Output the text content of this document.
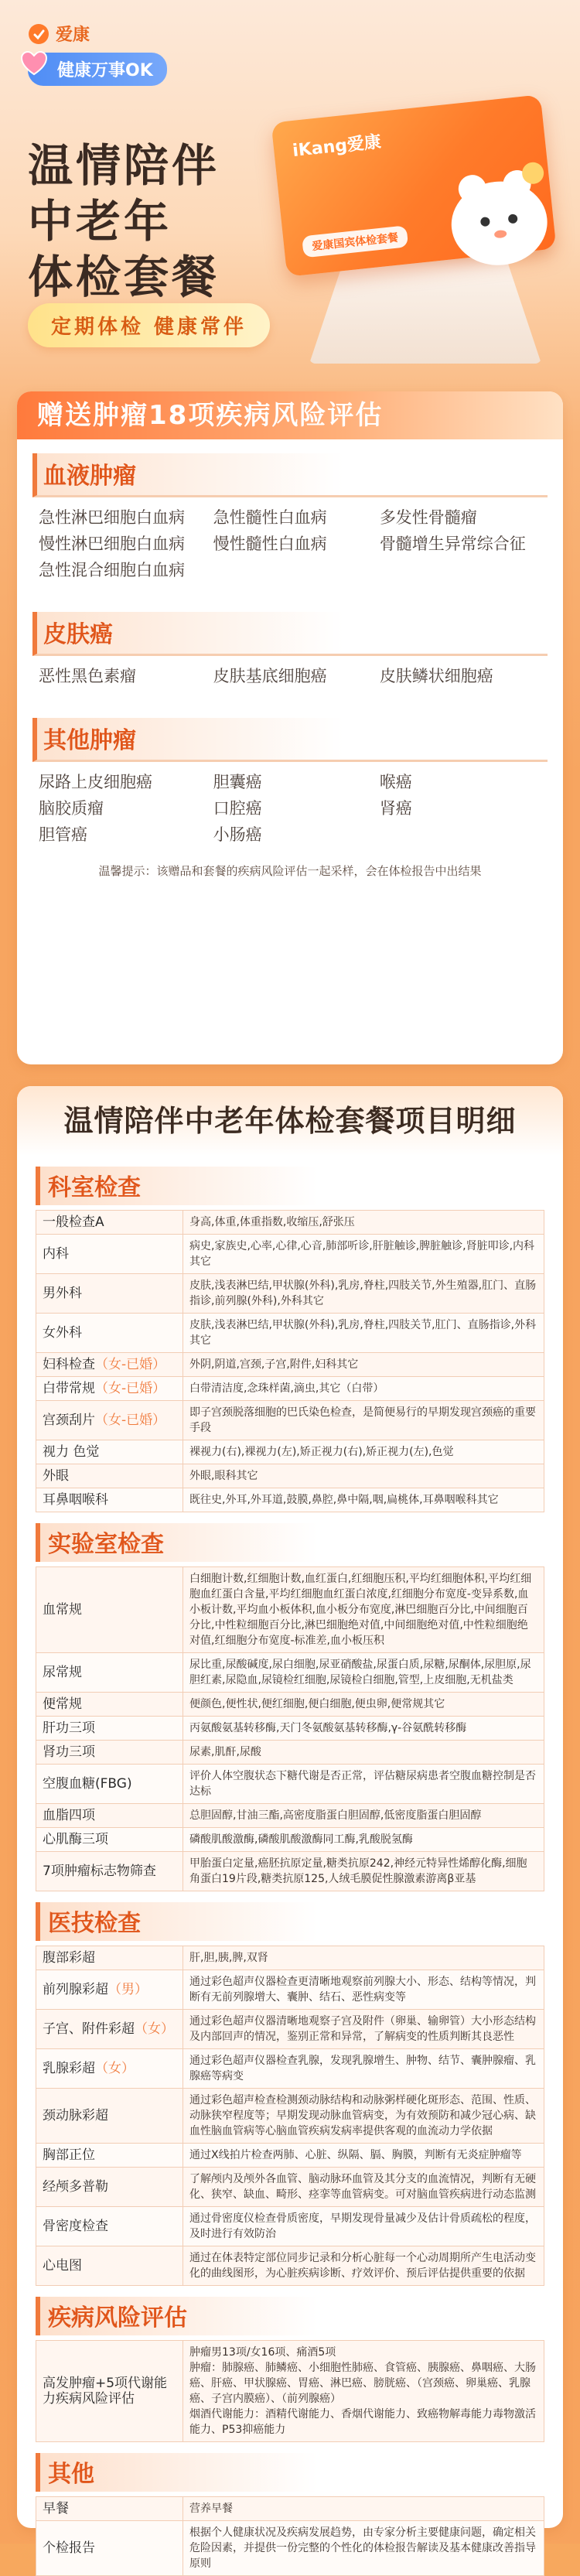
爱康
健康万事OK
温情陪伴
中老年
体检套餐
定期体检 健康常伴
iKang爱康
爱康国宾体检套餐
赠送肿瘤18项疾病风险评估
血液肿瘤
急性淋巴细胞白血病	急性髓性白血病	多发性骨髓瘤
慢性淋巴细胞白血病	慢性髓性白血病	骨髓增生异常综合征
急性混合细胞白血病
皮肤癌
恶性黑色素瘤	皮肤基底细胞癌	皮肤鳞状细胞癌
其他肿瘤
尿路上皮细胞癌	胆囊癌	喉癌
脑胶质瘤	口腔癌	肾癌
胆管癌	小肠癌
温馨提示：该赠品和套餐的疾病风险评估一起采样，会在体检报告中出结果
温情陪伴中老年体检套餐项目明细
科室检查
一般检查A	身高,体重,体重指数,收缩压,舒张压
内科	病史,家族史,心率,心律,心音,肺部听诊,肝脏触诊,脾脏触诊,肾脏叩诊,内科其它
男外科	皮肤,浅表淋巴结,甲状腺(外科),乳房,脊柱,四肢关节,外生殖器,肛门、直肠指诊,前列腺(外科),外科其它
女外科	皮肤,浅表淋巴结,甲状腺(外科),乳房,脊柱,四肢关节,肛门、直肠指诊,外科其它
妇科检查（女-已婚）	外阴,阴道,宫颈,子宫,附件,妇科其它
白带常规（女-已婚）	白带清洁度,念珠样菌,滴虫,其它（白带）
宫颈刮片（女-已婚）	即子宫颈脱落细胞的巴氏染色检查，是简便易行的早期发现宫颈癌的重要手段
视力 色觉	裸视力(右),裸视力(左),矫正视力(右),矫正视力(左),色觉
外眼	外眼,眼科其它
耳鼻咽喉科	既往史,外耳,外耳道,鼓膜,鼻腔,鼻中隔,咽,扁桃体,耳鼻咽喉科其它
实验室检查
血常规	白细胞计数,红细胞计数,血红蛋白,红细胞压积,平均红细胞体积,平均红细胞血红蛋白含量,平均红细胞血红蛋白浓度,红细胞分布宽度-变异系数,血小板计数,平均血小板体积,血小板分布宽度,淋巴细胞百分比,中间细胞百分比,中性粒细胞百分比,淋巴细胞绝对值,中间细胞绝对值,中性粒细胞绝对值,红细胞分布宽度-标准差,血小板压积
尿常规	尿比重,尿酸碱度,尿白细胞,尿亚硝酸盐,尿蛋白质,尿糖,尿酮体,尿胆原,尿胆红素,尿隐血,尿镜检红细胞,尿镜检白细胞,管型,上皮细胞,无机盐类
便常规	便颜色,便性状,便红细胞,便白细胞,便虫卵,便常规其它
肝功三项	丙氨酸氨基转移酶,天门冬氨酸氨基转移酶,γ-谷氨酰转移酶
肾功三项	尿素,肌酐,尿酸
空腹血糖(FBG)	评价人体空腹状态下糖代谢是否正常，评估糖尿病患者空腹血糖控制是否达标
血脂四项	总胆固醇,甘油三酯,高密度脂蛋白胆固醇,低密度脂蛋白胆固醇
心肌酶三项	磷酸肌酸激酶,磷酸肌酸激酶同工酶,乳酸脱氢酶
7项肿瘤标志物筛查	甲胎蛋白定量,癌胚抗原定量,糖类抗原242,神经元特异性烯醇化酶,细胞角蛋白19片段,糖类抗原125,人绒毛膜促性腺激素游离β亚基
医技检查
腹部彩超	肝,胆,胰,脾,双肾
前列腺彩超（男）	通过彩色超声仪器检查更清晰地观察前列腺大小、形态、结构等情况，判断有无前列腺增大、囊肿、结石、恶性病变等
子宫、附件彩超（女）	通过彩色超声仪器清晰地观察子宫及附件（卵巢、输卵管）大小形态结构及内部回声的情况，鉴别正常和异常，了解病变的性质判断其良恶性
乳腺彩超（女）	通过彩色超声仪器检查乳腺，发现乳腺增生、肿物、结节、囊肿腺瘤、乳腺癌等病变
颈动脉彩超	通过彩色超声检查检测颈动脉结构和动脉粥样硬化斑形态、范围、性质、动脉狭窄程度等；早期发现动脉血管病变，为有效预防和减少冠心病、缺血性脑血管病等心脑血管疾病发病率提供客观的血流动力学依据
胸部正位	通过X线拍片检查两肺、心脏、纵隔、膈、胸膜，判断有无炎症肿瘤等
经颅多普勒	了解颅内及颅外各血管、脑动脉环血管及其分支的血流情况，判断有无硬化、狭窄、缺血、畸形、痉挛等血管病变。可对脑血管疾病进行动态监测
骨密度检查	通过骨密度仪检查骨质密度，早期发现骨量减少及估计骨质疏松的程度，及时进行有效防治
心电图	通过在体表特定部位同步记录和分析心脏每一个心动周期所产生电活动变化的曲线图形，为心脏疾病诊断、疗效评价、预后评估提供重要的依据
疾病风险评估
高发肿瘤+5项代谢能力疾病风险评估	肿瘤男13项/女16项、痛酒5项
肿瘤：肺腺癌、肺鳞癌、小细胞性肺癌、食管癌、胰腺癌、鼻咽癌、大肠癌、肝癌、甲状腺癌、胃癌、淋巴癌、膀胱癌、（宫颈癌、卵巢癌、乳腺癌、子宫内膜癌）、（前列腺癌）
烟酒代谢能力：酒精代谢能力、香烟代谢能力、致癌物解毒能力毒物激活能力、P53抑癌能力
其他
早餐	营养早餐
个检报告	根据个人健康状况及疾病发展趋势，由专家分析主要健康问题，确定相关危险因素，并提供一份完整的个性化的体检报告解读及基本健康改善指导原则
